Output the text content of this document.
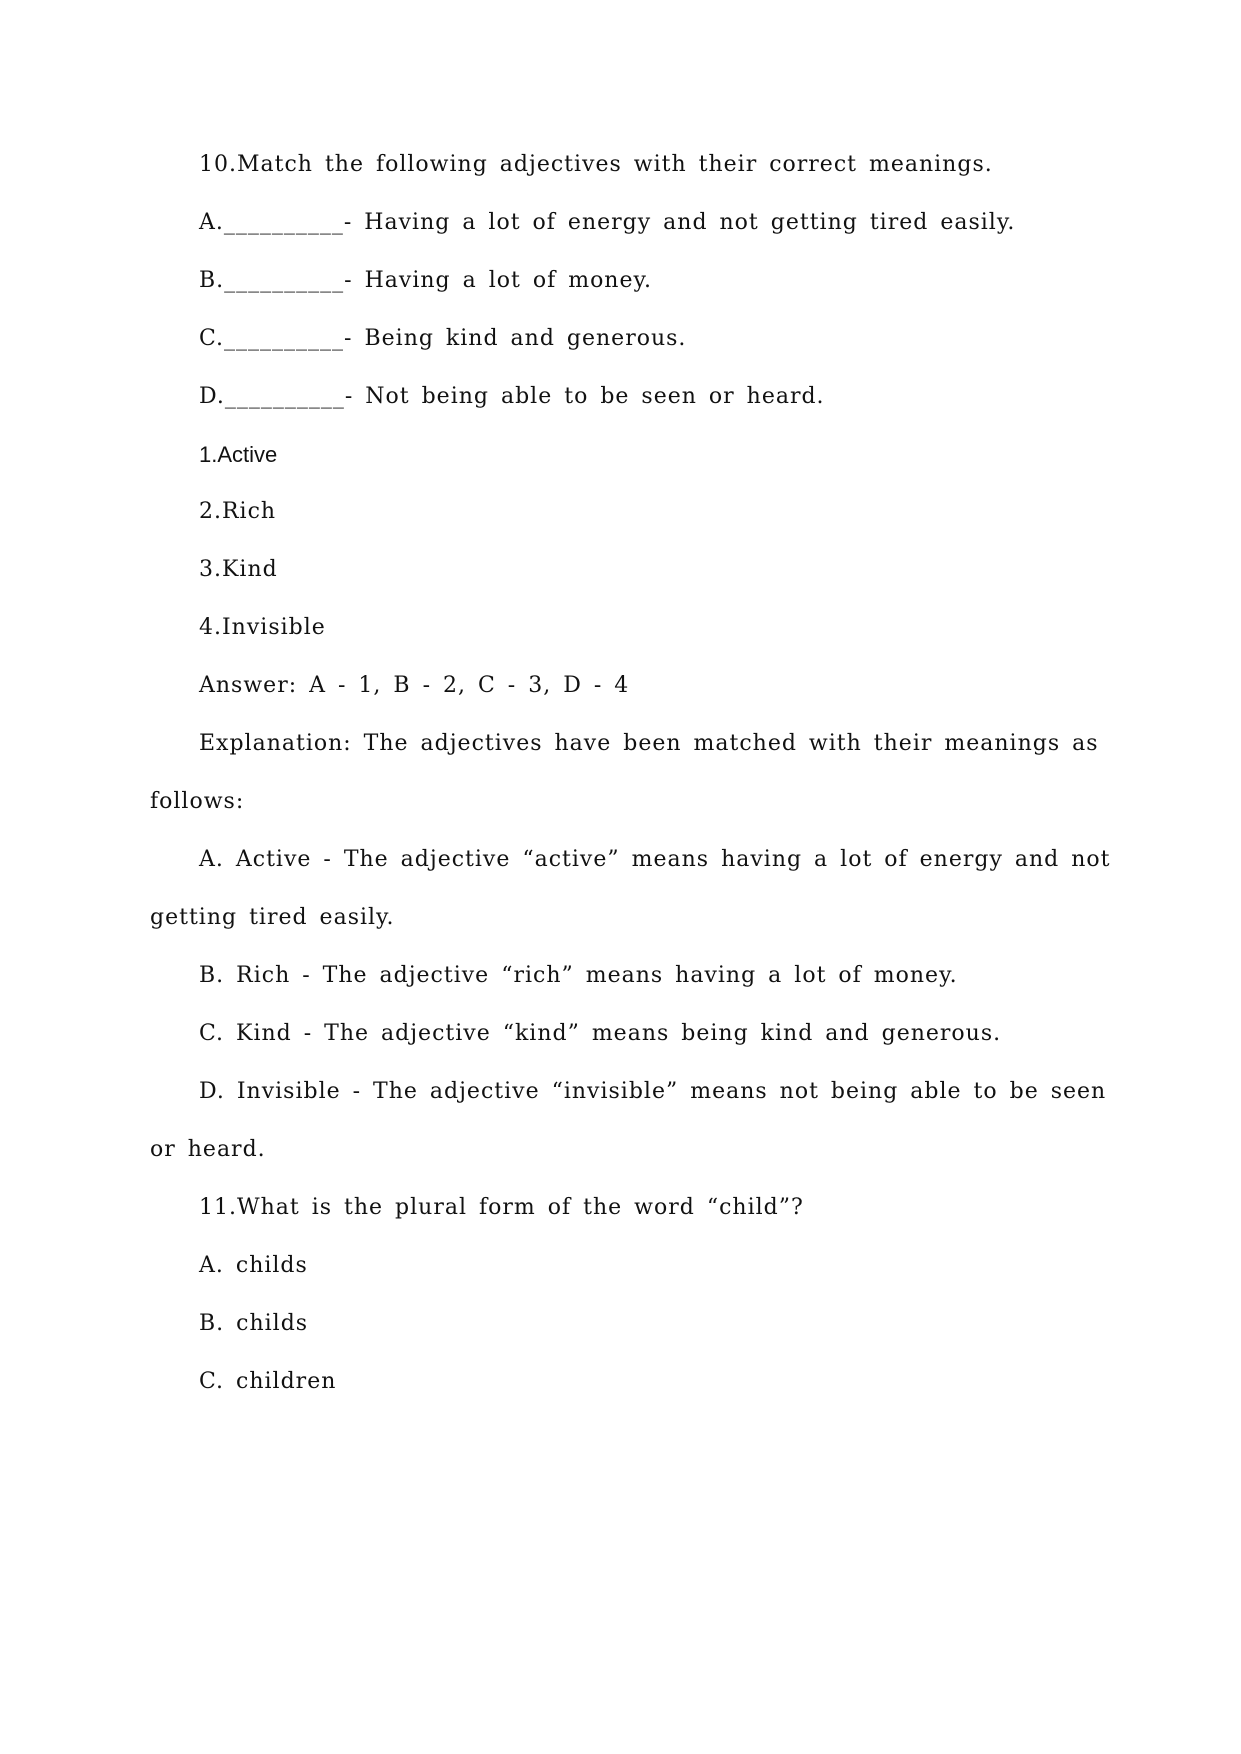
10.Match the following adjectives with their correct meanings.
A.__________- Having a lot of energy and not getting tired easily.
B.__________- Having a lot of money.
C.__________- Being kind and generous.
D.__________- Not being able to be seen or heard.
1.Active
2.Rich
3.Kind
4.Invisible
Answer: A - 1, B - 2, C - 3, D - 4
Explanation: The adjectives have been matched with their meanings as
follows:
A. Active - The adjective “active” means having a lot of energy and not
getting tired easily.
B. Rich - The adjective “rich” means having a lot of money.
C. Kind - The adjective “kind” means being kind and generous.
D. Invisible - The adjective “invisible” means not being able to be seen
or heard.
11.What is the plural form of the word “child”?
A. childs
B. childs
C. children
